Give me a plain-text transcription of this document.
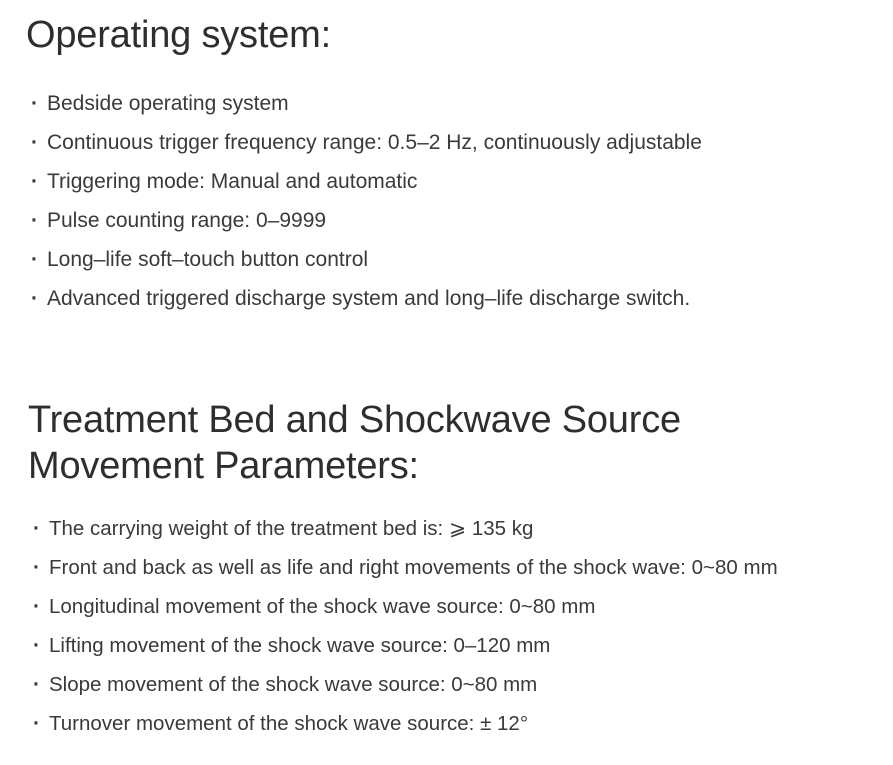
Operating system:
·
Bedside operating system
·
Continuous trigger frequency range: 0.5–2 Hz, continuously adjustable
·
Triggering mode: Manual and automatic
·
Pulse counting range: 0–9999
·
Long–life soft–touch button control
·
Advanced triggered discharge system and long–life discharge switch.
Treatment Bed and Shockwave Source
Movement Parameters:
·
The carrying weight of the treatment bed is: ⩾ 135 kg
·
Front and back as well as life and right movements of the shock wave: 0~80 mm
·
Longitudinal movement of the shock wave source: 0~80 mm
·
Lifting movement of the shock wave source: 0–120 mm
·
Slope movement of the shock wave source: 0~80 mm
·
Turnover movement of the shock wave source: ± 12°
